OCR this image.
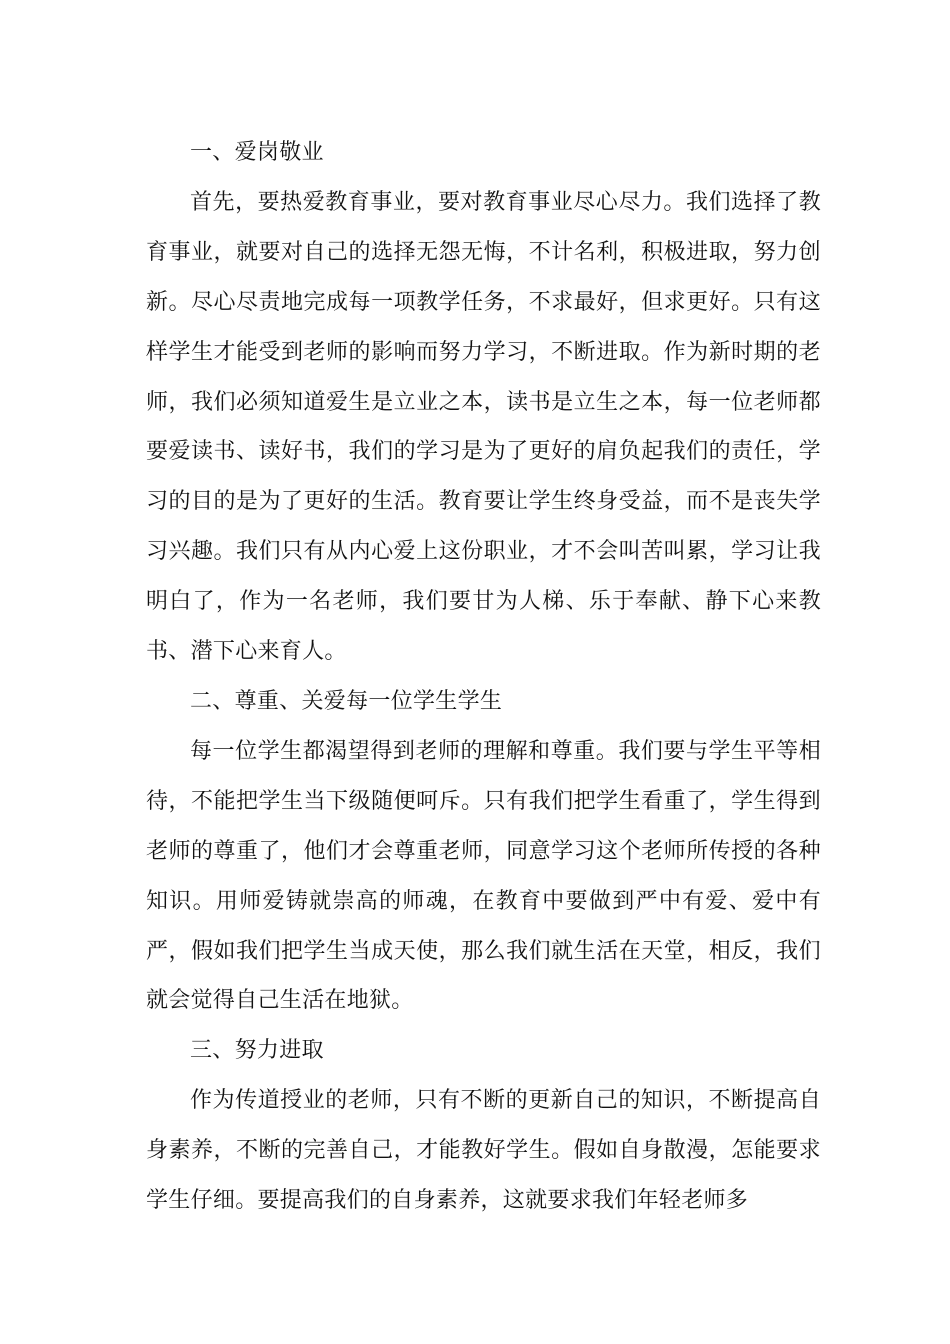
一、爱岗敬业

首先，要热爱教育事业，要对教育事业尽心尽力。我们选择了教育事业，就要对自己的选择无怨无悔，不计名利，积极进取，努力创新。尽心尽责地完成每一项教学任务，不求最好，但求更好。只有这样学生才能受到老师的影响而努力学习，不断进取。作为新时期的老师，我们必须知道爱生是立业之本，读书是立生之本，每一位老师都要爱读书、读好书，我们的学习是为了更好的肩负起我们的责任，学习的目的是为了更好的生活。教育要让学生终身受益，而不是丧失学习兴趣。我们只有从内心爱上这份职业，才不会叫苦叫累，学习让我明白了，作为一名老师，我们要甘为人梯、乐于奉献、静下心来教书、潜下心来育人。

二、尊重、关爱每一位学生学生

每一位学生都渴望得到老师的理解和尊重。我们要与学生平等相待，不能把学生当下级随便呵斥。只有我们把学生看重了，学生得到老师的尊重了，他们才会尊重老师，同意学习这个老师所传授的各种知识。用师爱铸就崇高的师魂，在教育中要做到严中有爱、爱中有严，假如我们把学生当成天使，那么我们就生活在天堂，相反，我们就会觉得自己生活在地狱。

三、努力进取

作为传道授业的老师，只有不断的更新自己的知识，不断提高自身素养，不断的完善自己，才能教好学生。假如自身散漫，怎能要求学生仔细。要提高我们的自身素养，这就要求我们年轻老师多
